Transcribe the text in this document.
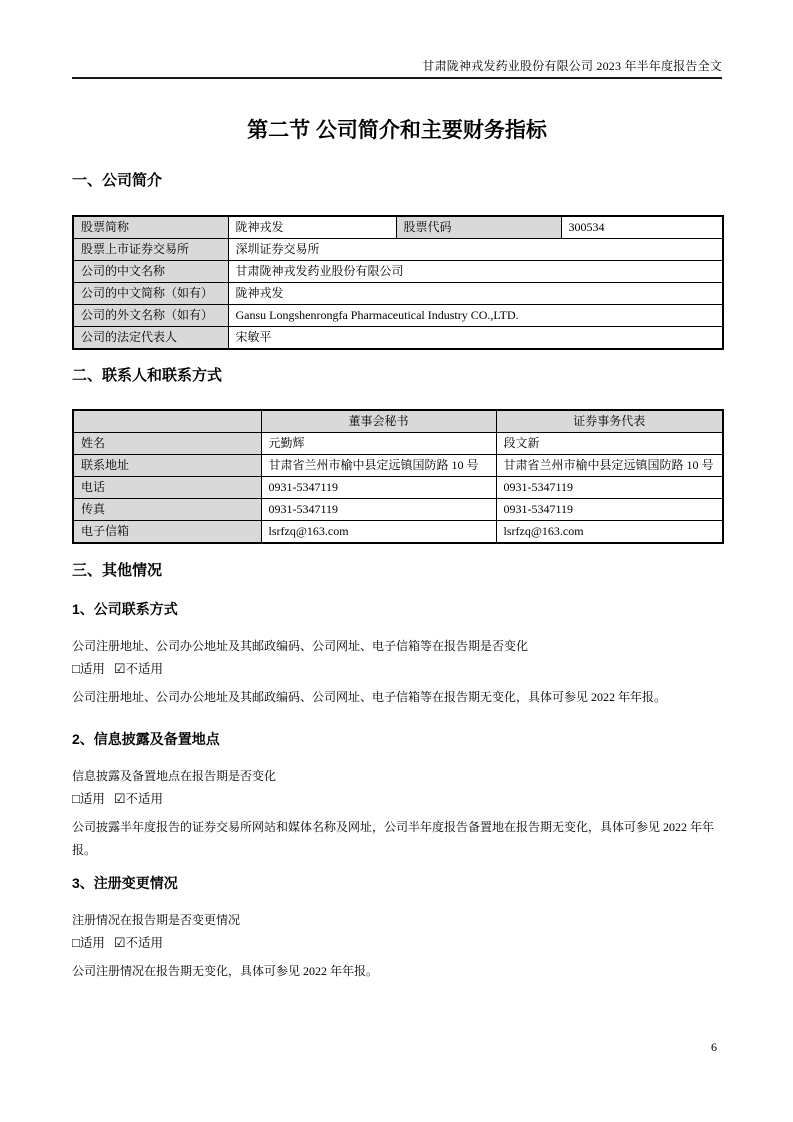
甘肃陇神戎发药业股份有限公司 2023 年半年度报告全文
第二节 公司简介和主要财务指标
一、公司简介
股票简称	陇神戎发	股票代码	300534
股票上市证券交易所	深圳证券交易所		
公司的中文名称	甘肃陇神戎发药业股份有限公司		
公司的中文简称（如有）	陇神戎发		
公司的外文名称（如有）	Gansu Longshenrongfa Pharmaceutical Industry CO.,LTD.		
公司的法定代表人	宋敏平		
二、联系人和联系方式
	董事会秘书	证券事务代表
姓名	元勤辉	段文新
联系地址	甘肃省兰州市榆中县定远镇国防路 10 号	甘肃省兰州市榆中县定远镇国防路 10 号
电话	0931-5347119	0931-5347119
传真	0931-5347119	0931-5347119
电子信箱	lsrfzq@163.com	lsrfzq@163.com
三、其他情况
1、公司联系方式
公司注册地址、公司办公地址及其邮政编码、公司网址、电子信箱等在报告期是否变化
□适用 ☑不适用
公司注册地址、公司办公地址及其邮政编码、公司网址、电子信箱等在报告期无变化，具体可参见 2022 年年报。
2、信息披露及备置地点
信息披露及备置地点在报告期是否变化
□适用 ☑不适用
公司披露半年度报告的证券交易所网站和媒体名称及网址，公司半年度报告备置地在报告期无变化，具体可参见 2022 年年报。
3、注册变更情况
注册情况在报告期是否变更情况
□适用 ☑不适用
公司注册情况在报告期无变化，具体可参见 2022 年年报。
6
